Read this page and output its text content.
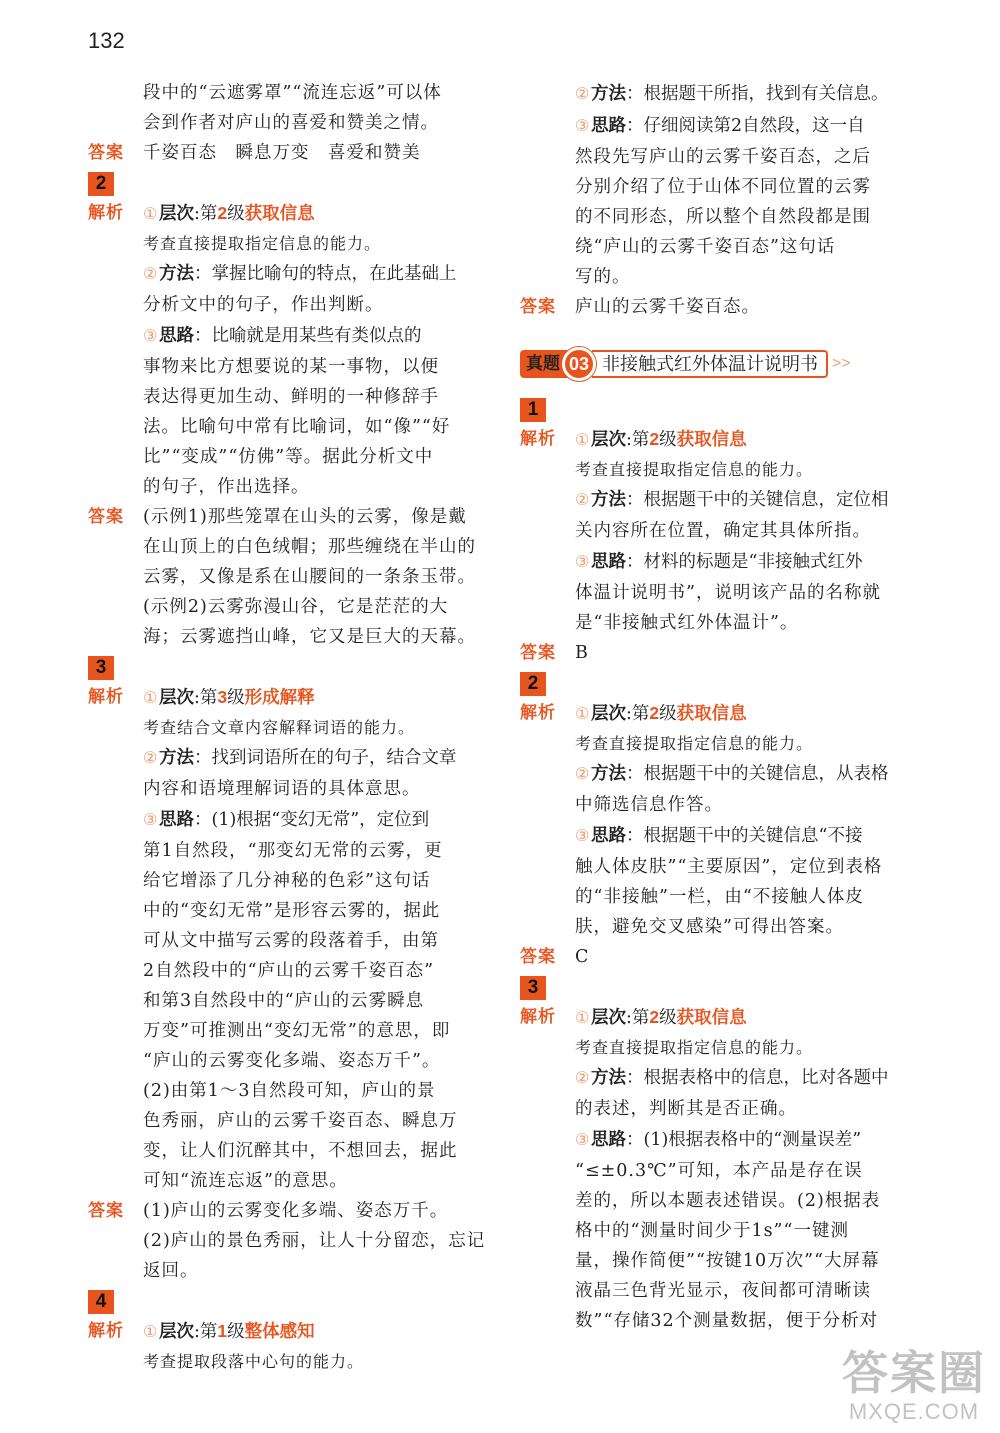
132
段中的“云遮雾罩”“流连忘返”可以体
会到作者对庐山的喜爱和赞美之情。
答案	千姿百态　瞬息万变　喜爱和赞美
2
解析	①层次:第2级获取信息
考查直接提取指定信息的能力。
②方法：掌握比喻句的特点，在此基础上
分析文中的句子，作出判断。
③思路：比喻就是用某些有类似点的
事物来比方想要说的某一事物，以便
表达得更加生动、鲜明的一种修辞手
法。比喻句中常有比喻词，如“像”“好
比”“变成”“仿佛”等。据此分析文中
的句子，作出选择。
答案	(示例1)那些笼罩在山头的云雾，像是戴
在山顶上的白色绒帽；那些缠绕在半山的
云雾，又像是系在山腰间的一条条玉带。
(示例2)云雾弥漫山谷，它是茫茫的大
海；云雾遮挡山峰，它又是巨大的天幕。
3
解析	①层次:第3级形成解释
考查结合文章内容解释词语的能力。
②方法：找到词语所在的句子，结合文章
内容和语境理解词语的具体意思。
③思路：(1)根据“变幻无常”，定位到
第1自然段，“那变幻无常的云雾，更
给它增添了几分神秘的色彩”这句话
中的“变幻无常”是形容云雾的，据此
可从文中描写云雾的段落着手，由第
2自然段中的“庐山的云雾千姿百态”
和第3自然段中的“庐山的云雾瞬息
万变”可推测出“变幻无常”的意思，即
“庐山的云雾变化多端、姿态万千”。
(2)由第1～3自然段可知，庐山的景
色秀丽，庐山的云雾千姿百态、瞬息万
变，让人们沉醉其中，不想回去，据此
可知“流连忘返”的意思。
答案	(1)庐山的云雾变化多端、姿态万千。
(2)庐山的景色秀丽，让人十分留恋，忘记
返回。
4
解析	①层次:第1级整体感知
考查提取段落中心句的能力。
②方法：根据题干所指，找到有关信息。
③思路：仔细阅读第2自然段，这一自
然段先写庐山的云雾千姿百态，之后
分别介绍了位于山体不同位置的云雾
的不同形态，所以整个自然段都是围
绕“庐山的云雾千姿百态”这句话
写的。
答案	庐山的云雾千姿百态。
真题 03 非接触式红外体温计说明书 >>
1
解析	①层次:第2级获取信息
考查直接提取指定信息的能力。
②方法：根据题干中的关键信息，定位相
关内容所在位置，确定其具体所指。
③思路：材料的标题是“非接触式红外
体温计说明书”，说明该产品的名称就
是“非接触式红外体温计”。
答案	B
2
解析	①层次:第2级获取信息
考查直接提取指定信息的能力。
②方法：根据题干中的关键信息，从表格
中筛选信息作答。
③思路：根据题干中的关键信息“不接
触人体皮肤”“主要原因”，定位到表格
的“非接触”一栏，由“不接触人体皮
肤，避免交叉感染”可得出答案。
答案	C
3
解析	①层次:第2级获取信息
考查直接提取指定信息的能力。
②方法：根据表格中的信息，比对各题中
的表述，判断其是否正确。
③思路：(1)根据表格中的“测量误差”
“≤±0.3℃”可知，本产品是存在误
差的，所以本题表述错误。(2)根据表
格中的“测量时间少于1s”“一键测
量，操作简便”“按键10万次”“大屏幕
液晶三色背光显示，夜间都可清晰读
数”“存储32个测量数据，便于分析对
答案圈
MXQE.COM
